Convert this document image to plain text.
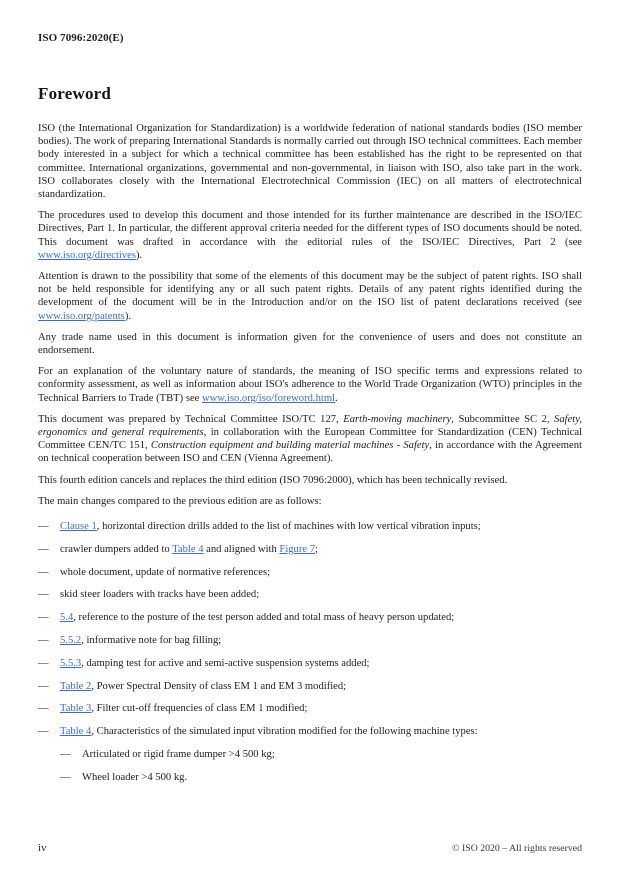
ISO 7096:2020(E)
Foreword

ISO (the International Organization for Standardization) is a worldwide federation of national standards bodies (ISO member bodies). The work of preparing International Standards is normally carried out through ISO technical committees. Each member body interested in a subject for which a technical committee has been established has the right to be represented on that committee. International organizations, governmental and non-governmental, in liaison with ISO, also take part in the work. ISO collaborates closely with the International Electrotechnical Commission (IEC) on all matters of electrotechnical standardization.

The procedures used to develop this document and those intended for its further maintenance are described in the ISO/IEC Directives, Part 1. In particular, the different approval criteria needed for the different types of ISO documents should be noted. This document was drafted in accordance with the editorial rules of the ISO/IEC Directives, Part 2 (see www.iso.org/directives).

Attention is drawn to the possibility that some of the elements of this document may be the subject of patent rights. ISO shall not be held responsible for identifying any or all such patent rights. Details of any patent rights identified during the development of the document will be in the Introduction and/or on the ISO list of patent declarations received (see www.iso.org/patents).

Any trade name used in this document is information given for the convenience of users and does not constitute an endorsement.

For an explanation of the voluntary nature of standards, the meaning of ISO specific terms and expressions related to conformity assessment, as well as information about ISO's adherence to the World Trade Organization (WTO) principles in the Technical Barriers to Trade (TBT) see www.iso.org/iso/foreword.html.

This document was prepared by Technical Committee ISO/TC 127, Earth-moving machinery, Subcommittee SC 2, Safety, ergonomics and general requirements, in collaboration with the European Committee for Standardization (CEN) Technical Committee CEN/TC 151, Construction equipment and building material machines - Safety, in accordance with the Agreement on technical cooperation between ISO and CEN (Vienna Agreement).

This fourth edition cancels and replaces the third edition (ISO 7096:2000), which has been technically revised.

The main changes compared to the previous edition are as follows:

—	Clause 1, horizontal direction drills added to the list of machines with low vertical vibration inputs;
—	crawler dumpers added to Table 4 and aligned with Figure 7;
—	whole document, update of normative references;
—	skid steer loaders with tracks have been added;
—	5.4, reference to the posture of the test person added and total mass of heavy person updated;
—	5.5.2, informative note for bag filling;
—	5.5.3, damping test for active and semi-active suspension systems added;
—	Table 2, Power Spectral Density of class EM 1 and EM 3 modified;
—	Table 3, Filter cut-off frequencies of class EM 1 modified;
—	Table 4, Characteristics of the simulated input vibration modified for the following machine types:
—	Articulated or rigid frame dumper >4 500 kg;
—	Wheel loader >4 500 kg.
iv	© ISO 2020 – All rights reserved
